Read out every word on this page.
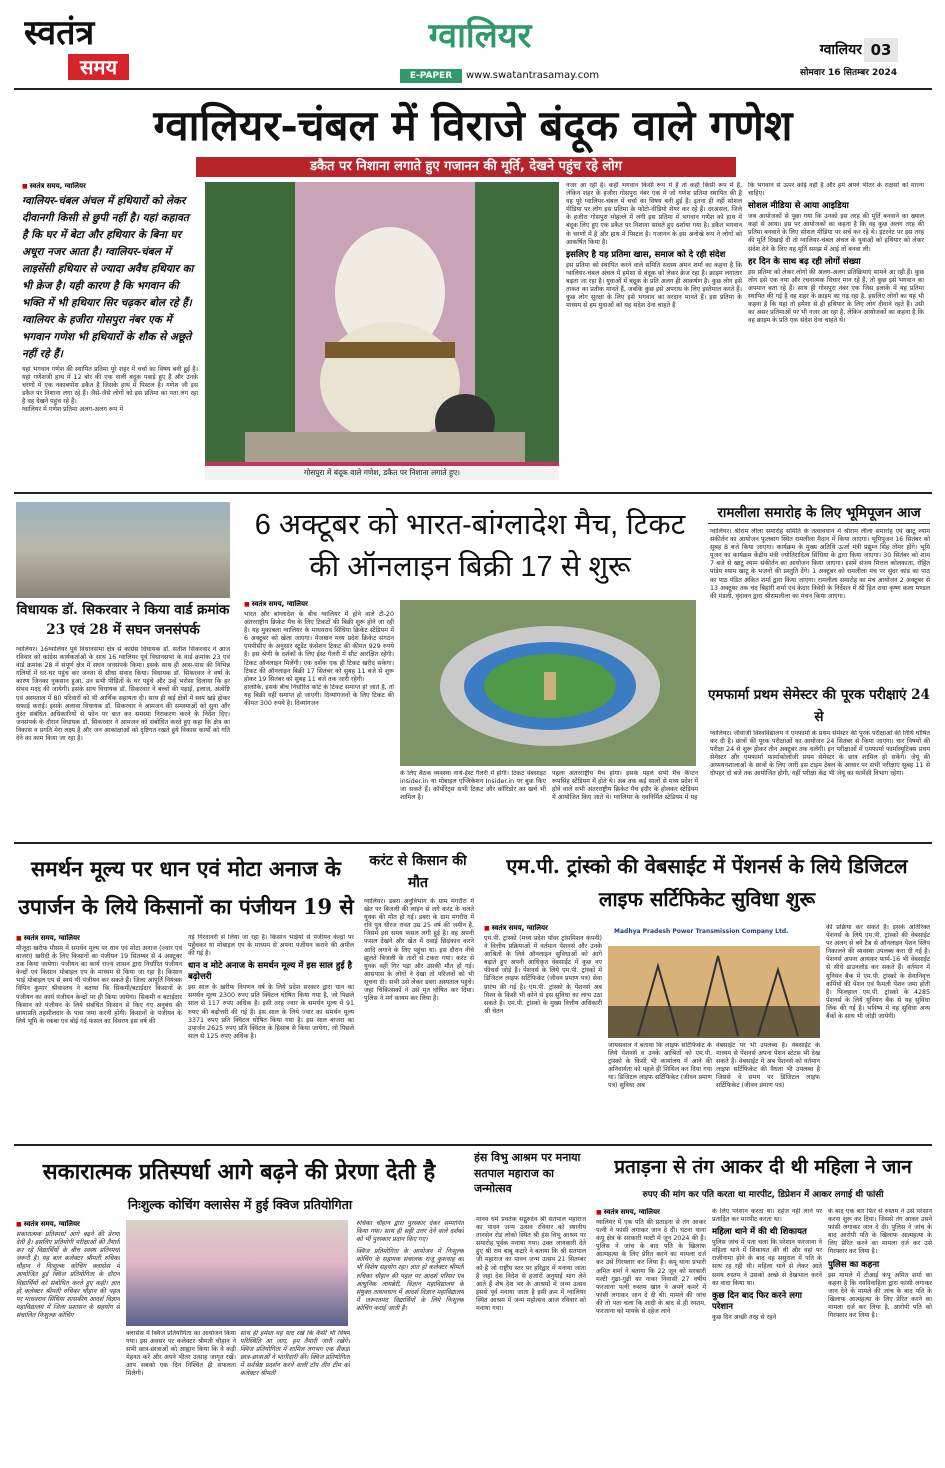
स्वतंत्र
समय
ग्वालियर
E-PAPER	www.swatantrasamay.com
ग्वालियर 03
सोमवार 16 सितम्बर 2024
ग्वालियर-चंबल में विराजे बंदूक वाले गणेश
डकैत पर निशाना लगाते हुए गजानन की मूर्ति, देखने पहुंच रहे लोग
■ स्वतंत्र समय, ग्वालियर
ग्वालियर-चंबल अंचल में हथियारों को लेकर दीवानगी किसी से छुपी नहीं है। यहां कहावत है कि घर में बेटा और हथियार के बिना घर अधूरा नजर आता है। ग्वालियर-चंबल में लाइसेंसी हथियार से ज्यादा अवैध हथियार का भी क्रेज है। यही कारण है कि भगवान की भक्ति में भी हथियार सिर चढ़कर बोल रहे हैं। ग्वालियर के हजीरा गोसपुरा नंबर एक में भगवान गणेश भी हथियारों के शौक से अछूते नहीं रहे हैं।
यहां भगवान गणेश की स्थापित प्रतिमा पूरे शहर में चर्चा का विषय बनी हुई है। यहां गणेशजी हाथ में 12 बोर की एक नाली बंदूक पकड़े हुए हैं और उनके चरणों में एक नकाबपोश डकैत है जिसके हाथ में पिस्टल है। गणेश जी इस डकैत पर निशाना लगा रहे हैं। जैसे-जैसे लोगों को इस प्रतिमा का पता लग रहा है वह देखने पहुंच रहे हैं।
ग्वालियर में गणेश प्रतिमा अलग-अलग रूप में
गोसपुरा में बंदूक वाले गणेश, डकैत पर निशाना लगाते हुए।
नजर आ रही है। कहीं भगवान किसी रूप में हैं तो कहीं किसी रूप में हैं, लेकिन शहर के हजीरा गोसपुरा नंबर एक में जो गणेश प्रतिमा स्थापित की है वह पूरे ग्वालियर-चंबल में चर्चा का विषय बनी हुई है। इतना ही नहीं सोशल मीडिया पर लोग इस प्रतिमा के फोटो-वीडियो शेयर कर रहे हैं। दरअसल, जिले के हजीरा गोसपुरा मोहल्ले में लगी इस प्रतिमा में भगवान गणेश को हाथ में बंदूक लिए हुए एक डकैत पर निशाना साधते हुए दर्शाया गया है। डकैत भगवान के चरणों में है और हाथ में पिस्टल है। गजानन के इस अनोखे रूप ने लोगों को आकर्षित किया है।
इसलिए है यह प्रतिमा खास, समाज को दे रही संदेश
इस प्रतिमा को स्थापित करने वाले समिति सदस्य अमन शर्मा का कहना है कि ग्वालियर-चंबल अंचल में हमेशा से बंदूक को लेकर क्रेज रहा है। क्राइम लगातार बढ़ता जा रहा है। युवाओं में बंदूक के प्रति अलग ही आकर्षण है। कुछ लोग इसे ताकत का प्रतीक मानते हैं, जबकि कुछ इसे अपराध के लिए इस्तेमाल करते हैं। कुछ लोग सुरक्षा के लिए इसे भगवान का वरदान मानते हैं। इस प्रतिमा के माध्यम से हम युवाओं को यह संदेश देना चाहते हैं
कि भगवान से ऊपर कोई नहीं है और हमें अपने भीतर के राक्षसों को मारना चाहिए।
सोशल मीडिया से आया आइडिया
जब आयोजकों से पूछा गया कि उनको इस तरह की मूर्ति बनवाने का ख्याल कहां से आया। इस पर आयोजकों का कहना है कि वह कुछ अलग तरह की प्रतिमा बनवाने के लिए सोशल मीडिया पर सर्च कर रहे थे। इंटरनेट पर इस तरह की मूर्ति दिखाई दी तो ग्वालियर-चंबल अंचल के युवाओं को हथियार को लेकर संदेश देने के लिए यह मूर्ति समझ में आई तो बनवा ली।
हर दिन के साथ बढ़ रही लोगों संख्या
इस प्रतिमा को लेकर लोगों की अलग-अलग प्रतिक्रियाएं सामने आ रही हैं। कुछ लोग इसे एक नया और रचनात्मक विचार मान रहे हैं, तो कुछ इसे भगवान का अपमान बता रहे हैं। साथ ही गोसपुरा नंबर एक जिस इलाके में यह प्रतिमा स्थापित की गई है वह शहर के क्राइम का गढ़ रहा है, इसलिए लोगों का यह भी कहना है कि यहां तो हमेशा से ही हथियार के लिए लोग दीवाने रहते हैं। उसी का असर प्रतिमाओं पर भी नजर आ रहा है, लेकिन आयोजकों का कहना है कि वह क्राइम के प्रति एक संदेश देना चाहते थे।
विधायक डॉ. सिकरवार ने किया वार्ड क्रमांक 23 एवं 28 में सघन जनसंपर्क
ग्वालियर। 16ग्वालियर पूर्व विधानसभा क्षेत्र से कांग्रेस विधायक डॉ. सतीश सिकरवार ने आज रविवार को कांग्रेस कार्यकर्ताओं के साथ 16 ग्वालियर पूर्व विधानसभा के वार्ड क्रमांक 23 एवं वार्ड क्रमांक 28 में संपूर्ण क्षेत्र में सघन जनसंपर्क किया। इसके साथ ही आस-पास की विभिन्न गलियों में घर-घर पहुंच कर जनता से सीधा संवाद किया। विधायक डॉ. सिकरवार ने वर्षा के कारण जिनका नुकसान हुआ, उन सभी पीड़ितों के घर पहुंचे और उन्हें भरोसा दिलाया कि हर संभव मदद की जायेगी। इसके साथ विधायक डॉ. सिकरवार ने बच्चों की पढ़ाई, इलाज, अंत्येष्टि एवं अस्पताल में 80 परिवारों को भी आर्थिक सहायता दी। साथ ही कई क्षेत्रों में स्वयं खड़े होकर सफाई कराई। इसके अलावा विधायक डॉ. सिकरवार ने आमजन की समस्याओं को सुना और तुरंत संबंधित अधिकारियों से फोन पर बात कर समस्या निराकरण करने के निर्देश दिए। जनसंपर्क के दौरान विधायक डॉ. सिकरवार ने आमजन को संबोधित करते हुए कहा कि क्षेत्र का विकास व प्रगति मेरा लक्ष्य है और जन आकांक्षाओं को दृष्टिगत रखते हुये विकास कार्यों को गति देने का काम किया जा रहा है।
6 अक्टूबर को भारत-बांग्लादेश मैच, टिकट की ऑनलाइन बिक्री 17 से शुरू
■ स्वतंत्र समय, ग्वालियर
भारत और बांग्लादेश के बीच ग्वालियर में होने वाले टी-20 अंतरराष्ट्रीय क्रिकेट मैच के लिए टिकटों की बिक्री शुरू होने जा रही है। यह मुकाबला ग्वालियर के माधवराव सिंधिया क्रिकेट स्टेडियम में 6 अक्टूबर को खेला जाएगा। मेजबान मध्य प्रदेश क्रिकेट संगठन एमपीसीए के अनुसार स्टूडेंट कंसेशन टिकट की कीमत 929 रुपये है। इस श्रेणी के दर्शकों के लिए ईस्ट गैलरी में सीट आरक्षित रहेंगी। टिकट ऑनलाइन मिलेंगी। एक दर्शक एक ही टिकट खरीद सकेगा। टिकट की ऑनलाइन बिक्री 17 सितंबर को सुबह 11 बजे से शुरू होकर 19 सितंबर को सुबह 11 बजे तक जारी रहेगी।
हालांकि, इसके बीच निर्धारित कोटे के टिकट समाप्त हो जाते हैं, तो यह बिक्री वहीं समाप्त हो जाएगी। दिव्यांगजनों के लिए टिकट की कीमत 300 रुपये है। दिव्यांगजन
के लिए बैठक व्यवस्था नार्थ-ईस्ट गैलरी में होगी। टिकट वेबसाइट insider.in या मोबाइल एप्लिकेशन Insider.in पर बुक किए जा सकते हैं। कॉर्पोरेट्स सभी टिकट और कॉरिडोर का खर्च भी शामिल है।
पहला अंतरराष्ट्रीय मैच होगा। इसके पहले सभी मैच कैप्टन रूपसिंह स्टेडियम में होते थे। अब तक कई सालों से मध्य प्रदेश में होने वाले सभी अंतरराष्ट्रीय क्रिकेट मैच इंदौर के होलकर स्टेडियम में आयोजित किए जाते थे। ग्वालियर के नवनिर्मित स्टेडियम में यह
रामलीला समारोह के लिए भूमिपूजन आज
ग्वालियर। श्रीराम लीला समारोह समिति के तत्वावधान में श्रीराम लीला समारोह एवं खाटू श्याम संकीर्तन का आयोजन फूलबाग स्थित रामलीला मैदान में किया जाएगा। भूमिपूजन 16 सितंबर को सुबह 8 बजे किया जाएगा। कार्यक्रम के मुख्य अतिथि ऊर्जा मंत्री प्रद्युम्न सिंह तोमर होंगे। भूमि पूजन का कार्यक्रम केंद्रीय मंत्री ज्योतिरादित्य सिंधिया के द्वारा किया जाएगा। 30 सितंबर को शाम 7 बजे से खाटू श्याम संकीर्तन का आयोजन किया जाएगा। इसमें संजय मित्तल कोलकाता, रोहित पांडेय श्याम खाटू के भजनों की प्रस्तुति देंगे। 1 अक्टूबर को रामलीला मंच पर सुंदर कांड का पाठ का पाठ पंडित अंकित शर्मा द्वारा किया जाएगा। रामलीला समारोह का मंच आयोजन 2 अक्टूबर से 13 अक्टूबर तक चंद बिहारी शर्मा एवं केदार त्रिवेदी के निर्देशन में श्री हित राधा कृष्ण कला मण्डल की मंडली, वृंदावन द्वारा श्रीरामलीला का मंचन किया जाएगा।
एमफार्मा प्रथम सेमेस्टर की पूरक परीक्षाएं 24 से
ग्वालियर। जीवाजी विश्वविद्यालय ने एमफार्मा के प्रथम सेमेस्टर की पूरक परीक्षाओं की तिथि घोषित कर दी है। छात्रों की पूरक परीक्षाओं का आयोजन 24 सितंबर से किया जाएगा। चार विषयों की परीक्षा 24 से शुरू होकर तीन अक्टूबर तक चलेंगी। इन परीक्षाओं में एमफार्मा फार्मास्यूटिक्स प्रथम सेमेस्टर और एमफार्मा फार्माकोलॉजी प्रथम सेमेस्टर के छात्र शामिल हो सकेंगे। जेयू की अध्ययनशालाओं के छात्रों के लिए जारी इस टाइम टेबल के आधार पर सभी परीक्षाएं सुबह 11 से दोपहर दो बजे तक आयोजित होगी, वहीं परीक्षा केंद्र भी जेयू का फार्मेसी विभाग रहेगा।
समर्थन मूल्य पर धान एवं मोटा अनाज के उपार्जन के लिये किसानों का पंजीयन 19 से
■ स्वतंत्र समय, ग्वालियर
मौजूदा खरीफ मौसम में समर्थन मूल्य पर धान एवं मोटा अनाज (ज्वार एवं बाजरा) खरीदी के लिए किसानों का पंजीयन 19 सितम्बर से 4 अक्टूबर तक किया जायेगा। पंजीयन का कार्य राज्य शासन द्वारा निर्धारित पंजीयन केन्द्रों एवं किसान मोबाइल एप के माध्यम से किया जा रहा है। किसान भाई मोबाइल एप से स्वयं भी पंजीयन कर सकते हैं। जिला आपूर्ति नियंत्रक विपिन कुमार श्रीवास्तव ने बताया कि सिकमी/बटाईदार किसानों के पंजीयन का कार्य पंजीयन केन्द्रों पर ही किया जायेगा। सिकमी व बटाईदार किसान को पंजीयन के लिये संबंधित किसान से किए गए अनुबंध की छायाप्रति तहसीलदार के पास जमा करनी होगी। किसानों के पंजीयन के लिये भूमि के रकबा एवं बोई गई फसल का विवरण इस वर्ष की
गई गिरदावरी से लिया जा रहा है। किसान भाईयों से पंजीयन केन्द्रों पर पहुँचकर या मोबाइल एप के माध्यम से अपना पंजीयन कराने की अपील की गई है।
धान व मोटे अनाज के समर्थन मूल्य में इस साल हुई है बढ़ोत्तरी
इस साल के खरीफ विपणन वर्ष के लिये प्रदेश सरकार द्वारा धान का समर्थन मूल्य 2300 रुपए प्रति क्विंटल घोषित किया गया है, जो पिछले साल से 117 रुपए अधिक है। इसी तरह ज्वार के समर्थन मूल्य में 91 रुपए की बढ़ोत्तरी की गई है। इस साल के लिये ज्वार का समर्थन मूल्य 3371 रुपए प्रति क्विंटल घोषित किया गया है। इस साल बाजरा का उपार्जन 2625 रुपए प्रति क्विंटल के हिसाब से किया जायेगा, जो पिछले साल से 125 रुपए अधिक है।
करंट से किसान की मौत
ग्वालियर। डबरा अनुविभाग के ग्राम मंगरौरा में खेत पर बिजली की लाइन से लगे करंट के चलते युवक की मौत हो गई। डबरा के ग्राम मंगरौरा में रवि पुत्र धीरज रावत उम्र 25 वर्ष की जमीन है, जिसमें इस समय फसल लगी हुई है। वह अपनी फसल देखने और खेत में दवाई छिड़काव करने आदि लगाने के लिए पहुंचा था। इस दौरान नीचे झूलते बिजली के तारों से टकरा गया। करंट से युवक वहीं गिर पड़ा और उसकी मौत हो गई। आसपास के लोगों ने देखा तो परिजनों को भी सूचना दी। सभी उसे लेकर डबरा अस्पताल पहुंचे। जहां चिकित्सकों ने उसे मृत घोषित कर दिया। पुलिस ने मर्ग कायम कर लिया है।
एम.पी. ट्रांस्को की वेबसाईट में पेंशनर्स के लिये डिजिटल लाइफ सर्टिफिकेट सुविधा शुरू
■ स्वतंत्र समय, ग्वालियर
एम.पी. ट्रांस्को (मध्य प्रदेश पॉवर ट्रांसमिशन कंपनी) ने वित्तीय प्रक्रियाओं में वर्तमान पेंशनर्स और उनके आश्रितों के लिये ऑनलाइन सुविधाओं को आगे बढ़ाते हुए अपनी आधिकृत वेबसाईट में कुछ नए फीचर्स जोड़े हैं। पेंशनर्स के लिये एम.पी. ट्रांस्को में डिजिटल लाइफ सर्टिफिकेट (जीवन प्रमाण पत्र) सेवा प्रारंभ की गई है। एम.पी. ट्रांस्को के पेंशनर्स अब विश्व के किसी भी कोने से इस सुविधा का लाभ उठा सकते हैं। एम.पी. ट्रांस्को के मुख्य वित्तीय अधिकारी श्री चेतन
Madhya Pradesh Power Transmission Company Ltd.
जायसवाल ने बताया कि लाइफ सर्टिफिकेट के लिये पेंशनर्स व उनके आश्रितों को एम.पी. ट्रांस्को के किसी भी कार्यालय में आने की अनिवार्यता को पहले ही शिथिल कर दिया गया था। डिजिटल लाइफ सर्टिफिकेट (जीवन प्रमाण पत्र) सुविधा अब
वेबसाईट पर भी उपलब्ध है। वेबसाईट के माध्यम से पेंशनर्स अपना पेंशन स्टेटस भी देख सकते हैं। वेबसाईट मे अब पेंशनर्स को वर्तमान लाइफ सर्टिफिकेट की वैधता भी उपलब्ध है जिससे वे समय पर डिजिटल लाइफ सर्टिफिकेट (जीवन प्रमाण पत्र)
की प्रक्रिया कर सकते हैं। इसके अतिरिक्त पेंशनर्स के लिये एम.पी. ट्रांस्को की वेबसाईट पर अलग से बने टैब से ऑनलाइन पेंशन स्लिप निकालने की व्यवस्था उपलब्ध करा दी गई है। पेंशनर्स अपना आयकर फार्म-16 भी वेबसाईट से सीधे डाउनलोड कर सकते हैं। वर्तमान में यूनियन बैंक में एम.पी. ट्रांस्को के सेवानिवृत्त कर्मियों की पेंशन एवं फैमली पेंशन जमा होती है। फिलहाल एम.पी. ट्रांस्को के 4285 पेंशनर्स के लिये यूनियन बैंक से यह सुविधा लिंक की गई है। भविष्य में यह सुविधा अन्य बैंकों के साथ भी जोड़ी जायेगी।
सकारात्मक प्रतिस्पर्धा आगे बढ़ने की प्रेरणा देती है
निःशुल्क कोचिंग क्लासेस में हुई क्विज प्रतियोगिता
■ स्वतंत्र समय, ग्वालियर
सकारात्मक प्रतिस्पर्धा आगे बढ़ने की प्रेरणा देती है। इसलिए प्रतियोगी परीक्षाओं की तैयारी कर रहे विद्यार्थियों के बीच स्वस्थ प्रतिस्पर्धा जरूरी है। यह बात कलेक्टर श्रीमती रुचिका चौहान ने निःशुल्क कोचिंग क्लासेस में आयोजित हुई क्विज प्रतियोगिता के दौरान विद्यार्थियों को संबोधित करते हुए कही। ज्ञात हो कलेक्टर श्रीमती रुचिका चौहान की पहल पर माधवराव सिंधिया शासकीय आदर्श विज्ञान महाविद्यालय में जिला प्रशासन के सहयोग से संचालित निःशुल्क कोचिंग
क्लासेस में क्विज प्रतियोगिता का आयोजन किया गया। इस अवसर पर कलेक्टर श्रीमती चौहान ने सभी छात्र-छात्राओं को आह्वान किया कि वे कड़ी मेहनत करें और अपने भीतर उत्साह जागृत रखें। आप सबको एक दिन निश्चित ही सफलता मिलेगी।
साथ ही हमेशा यह याद रखें कि कैसी भी विषम परिस्थिति आ जाए, हम तैयारी जारी रखेंगे। क्विज प्रतियोगिता में शामिल लगभग एक सैंकड़ा छात्र-छात्राओं ने भागीदारी की। क्विज प्रतियोगिता में सर्वश्रेष्ठ प्रदर्शन करने वाली टॉप तीन टीम को कलेक्टर श्रीमती
रुचिका चौहान द्वारा पुरस्कार देकर सम्मानित किया गया। साथ ही सही उत्तर देने वाले दर्शकों को भी पुरस्कार प्रदान किए गए।
क्विज प्रतियोगिता के आयोजन में निःशुल्क कोचिंग के सहायक संचालक राजू कुशवाह का भी विशेष सहयोग रहा। ज्ञात हो कलेक्टर श्रीमती रुचिका चौहान की पहल पर आदर्श परिसर एवं आधुनिक लायब्रेरी, विज्ञान महाविद्यालय के संयुक्त तत्वावधान में आदर्श विज्ञान महाविद्यालय में जरूरतमंद विद्यार्थियों के लिये निःशुल्क कोचिंग कराई जाती है।
हंस विभु आश्रम पर मनाया सतपाल महाराज का जन्मोत्सव
मानव धर्म प्रवर्तक सद्गुरुदेव श्री सतपाल महाराज का पावन जन्म उत्सव रविवार को स्थानीय तानसेन रोड लोको स्थित श्री हंस विभु आश्रम पर समारोह पूर्वक मनाया गया। उक्त जानकारी देते हुए श्री राम बाबू कटारे ने बताया कि श्री सतपाल जी महाराज का पावन जन्म उत्सव 21 सितम्बर को है जो राष्ट्रीय स्तर पर हरिद्वार में मनाया जाता है जहां देश विदेश से हजारों अनुयाई भाग लेने आते हैं शेष देश भर के आश्रमों में जन्म उत्सव इससे पूर्व मनाया जाता है इसी क्रम में ग्वालियर स्थित आश्रम में जन्म महोत्सव आज रविवार को मनाया गया।
प्रताड़ना से तंग आकर दी थी महिला ने जान
रुपए की मांग कर पति करता था मारपीट, डिप्रेशन में आकर लगाई थी फांसी
■ स्वतंत्र समय, ग्वालियर
ग्वालियर में एक पति की प्रताड़ना से तंग आकर पत्नी ने फांसी लगाकर जान दे दी। घटना थाना कंपू क्षेत्र के सरकारी मल्टी में जून 2024 की है। पुलिस ने जांच के बाद पति के खिलाफ आत्महत्या के लिए प्रेरित करने का मामला दर्ज कर उसे गिरफ्तार कर लिया है। कंपू थाना प्रभारी अमित शर्मा ने बताया कि 22 जून को सरकारी मल्टी गुढ़ा-गुढ़ी का नाका निवासी 27 वर्षीय फरजाना पत्नी रुस्तम खान ने अपने कमरे में फांसी लगाकर जान दे दी थी। मामले की जांच की तो पता चला कि शादी के बाद से ही रुस्तम, फरजाना को मायके से दहेज लाने
के लिए परेशान करता था। दहेज नहीं लाने पर प्रताड़ित कर मारपीट करता था।
महिला थाने में की थी शिकायत
पुलिस जांच में पता चला कि परेशान फरजाना ने महिला थाने में शिकायत की थी और वहां पर राजीनामा होने के बाद वह ससुराल में पति के साथ रह रही थी। महिला थाने से लेकर आते समय रुस्तम ने उसको अच्छे से देखभाल करने का वादा किया था।
कुछ दिन बाद फिर करने लगा परेशान
कुछ दिन अच्छी तरह से रहने
के बाद एक बार फिर से रुस्तम ने उसे परेशान करना शुरू कर दिया। जिससे तंग आकर उसने फांसी लगाकर जान दे दी। पुलिस ने जांच के बाद आरोपी पति के खिलाफ आत्महत्या के लिए प्रेरित करने का मामला दर्ज कर उसे गिरफ्तार कर लिया है।
पुलिस का कहना
इस मामले में टीआई कंपू अमित शर्मा का कहना है कि नवविवाहिता द्वारा फांसी लगाकर जान देने के मामले की जांच के बाद पति के खिलाफ आत्महत्या के लिए प्रेरित करने का मामला दर्ज कर लिया है, आरोपी पति को गिरफ्तार कर लिया है।
